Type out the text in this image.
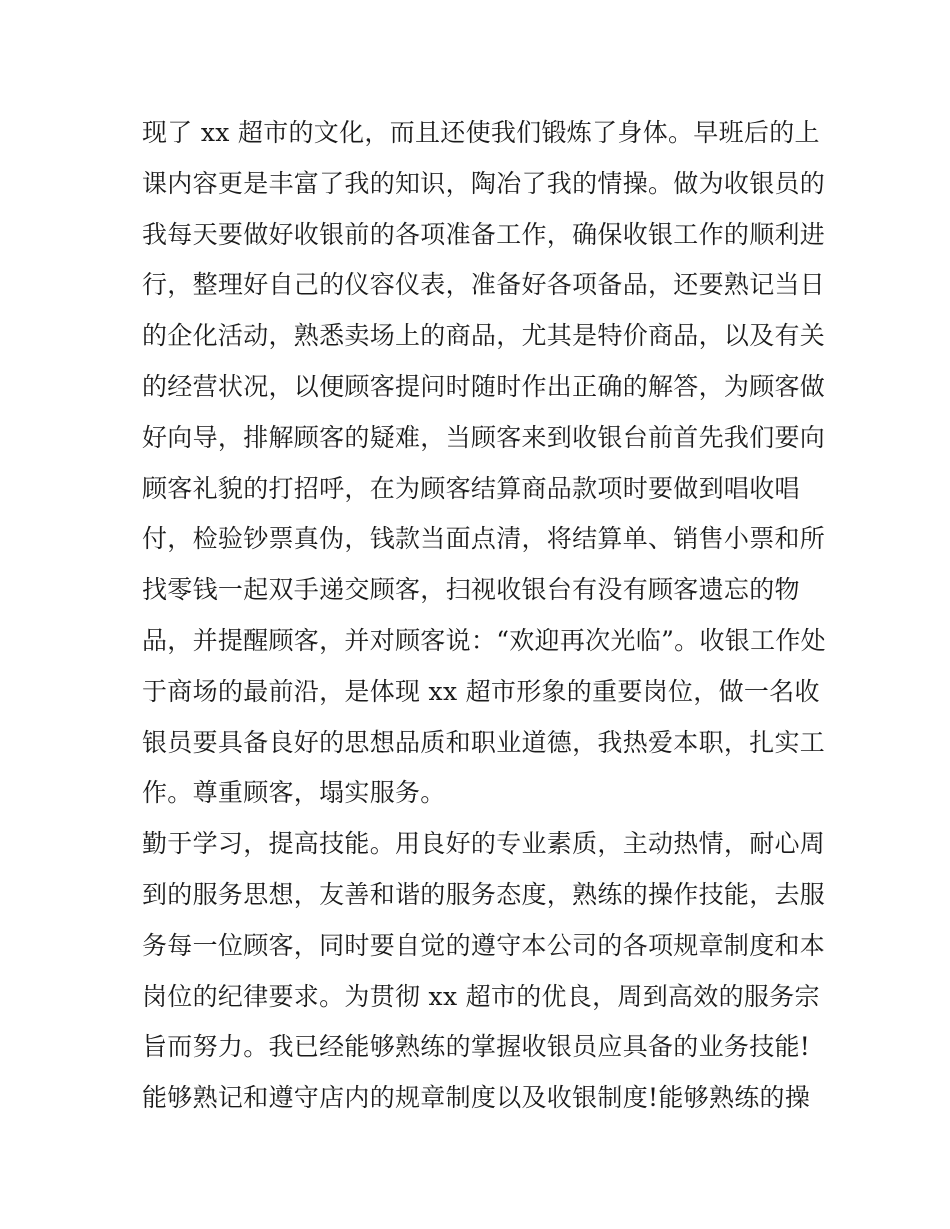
现了 xx 超市的文化，而且还使我们锻炼了身体。早班后的上
课内容更是丰富了我的知识，陶冶了我的情操。做为收银员的
我每天要做好收银前的各项准备工作，确保收银工作的顺利进
行，整理好自己的仪容仪表，准备好各项备品，还要熟记当日
的企化活动，熟悉卖场上的商品，尤其是特价商品，以及有关
的经营状况，以便顾客提问时随时作出正确的解答，为顾客做
好向导，排解顾客的疑难，当顾客来到收银台前首先我们要向
顾客礼貌的打招呼，在为顾客结算商品款项时要做到唱收唱
付，检验钞票真伪，钱款当面点清，将结算单、销售小票和所
找零钱一起双手递交顾客，扫视收银台有没有顾客遗忘的物
品，并提醒顾客，并对顾客说：“欢迎再次光临”。收银工作处
于商场的最前沿，是体现 xx 超市形象的重要岗位，做一名收
银员要具备良好的思想品质和职业道德，我热爱本职，扎实工
作。尊重顾客，塌实服务。
勤于学习，提高技能。用良好的专业素质，主动热情，耐心周
到的服务思想，友善和谐的服务态度，熟练的操作技能，去服
务每一位顾客，同时要自觉的遵守本公司的各项规章制度和本
岗位的纪律要求。为贯彻 xx 超市的优良，周到高效的服务宗
旨而努力。我已经能够熟练的掌握收银员应具备的业务技能!
能够熟记和遵守店内的规章制度以及收银制度!能够熟练的操
